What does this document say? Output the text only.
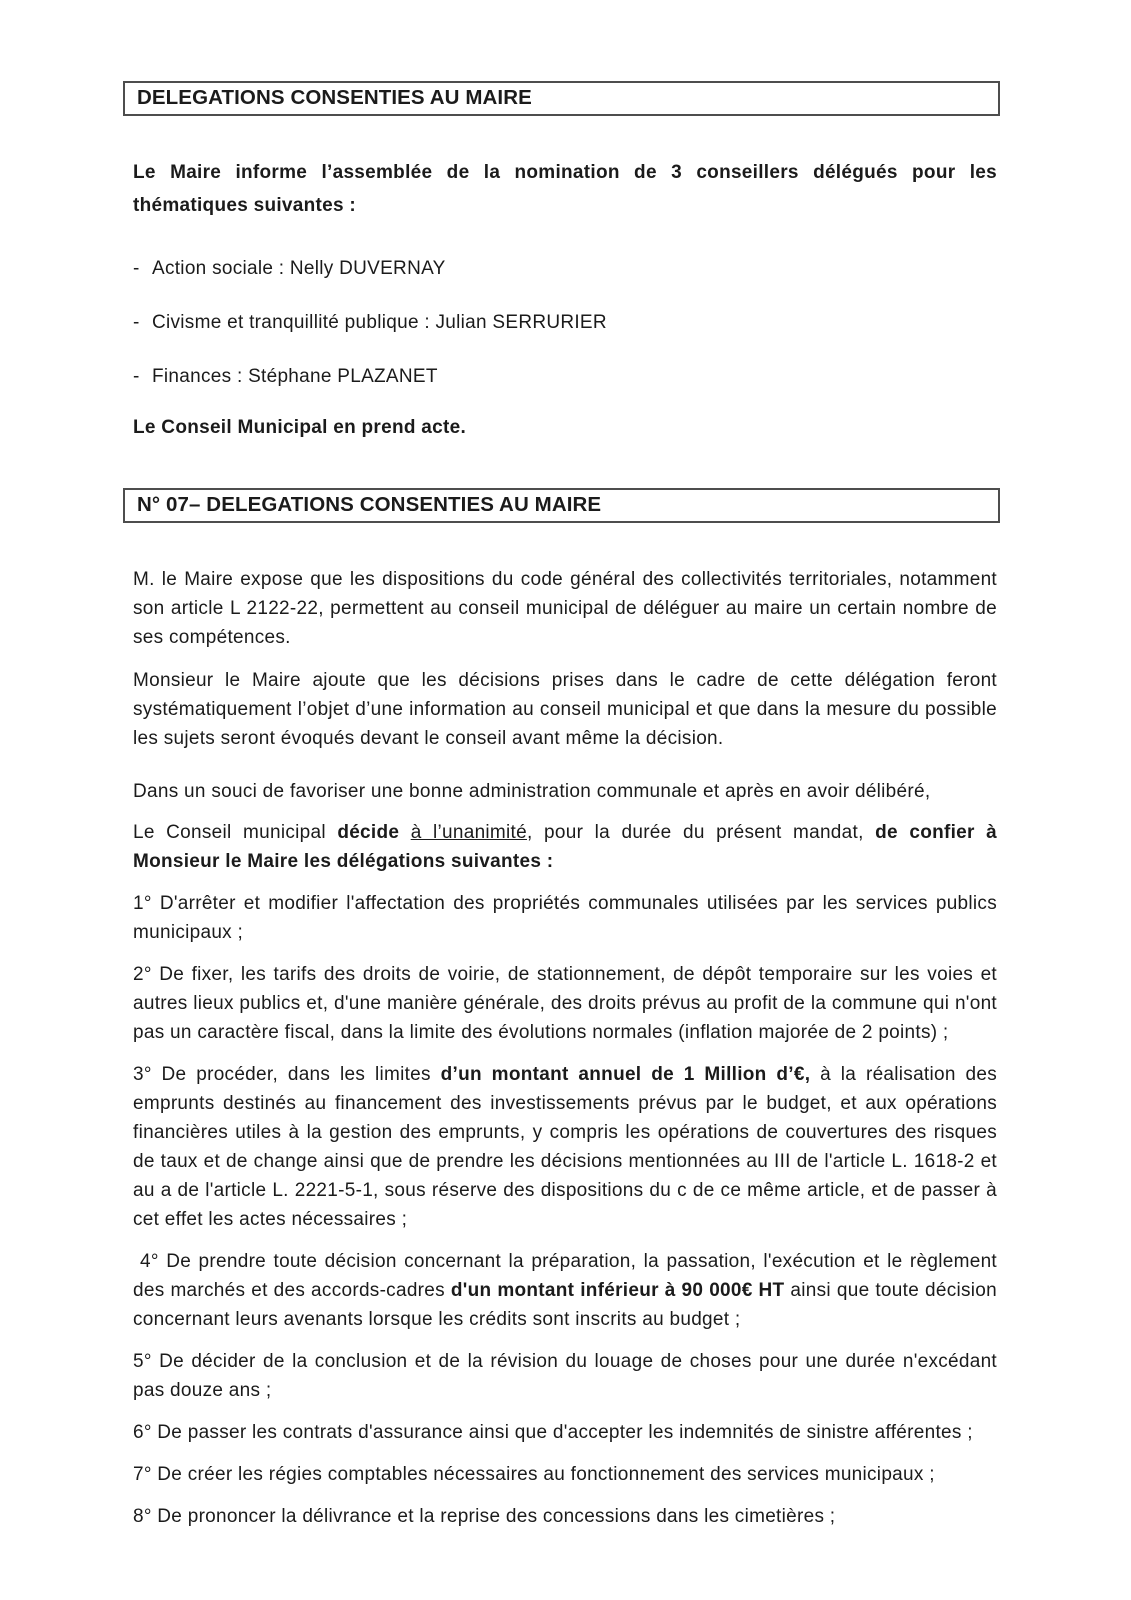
DELEGATIONS CONSENTIES AU MAIRE

Le Maire informe l’assemblée de la nomination de 3 conseillers délégués pour les thématiques suivantes :

- Action sociale : Nelly DUVERNAY
- Civisme et tranquillité publique : Julian SERRURIER
- Finances : Stéphane PLAZANET

Le Conseil Municipal en prend acte.

N° 07– DELEGATIONS CONSENTIES AU MAIRE

M. le Maire expose que les dispositions du code général des collectivités territoriales, notamment son article L 2122-22, permettent au conseil municipal de déléguer au maire un certain nombre de ses compétences.

Monsieur le Maire ajoute que les décisions prises dans le cadre de cette délégation feront systématiquement l’objet d’une information au conseil municipal et que dans la mesure du possible les sujets seront évoqués devant le conseil avant même la décision.

Dans un souci de favoriser une bonne administration communale et après en avoir délibéré,

Le Conseil municipal décide à l’unanimité, pour la durée du présent mandat, de confier à Monsieur le Maire les délégations suivantes :

1° D'arrêter et modifier l'affectation des propriétés communales utilisées par les services publics municipaux ;

2° De fixer, les tarifs des droits de voirie, de stationnement, de dépôt temporaire sur les voies et autres lieux publics et, d'une manière générale, des droits prévus au profit de la commune qui n'ont pas un caractère fiscal, dans la limite des évolutions normales (inflation majorée de 2 points) ;

3° De procéder, dans les limites d’un montant annuel de 1 Million d’€, à la réalisation des emprunts destinés au financement des investissements prévus par le budget, et aux opérations financières utiles à la gestion des emprunts, y compris les opérations de couvertures des risques de taux et de change ainsi que de prendre les décisions mentionnées au III de l'article L. 1618-2 et au a de l'article L. 2221-5-1, sous réserve des dispositions du c de ce même article, et de passer à cet effet les actes nécessaires ;

4° De prendre toute décision concernant la préparation, la passation, l'exécution et le règlement des marchés et des accords-cadres d'un montant inférieur à 90 000€ HT ainsi que toute décision concernant leurs avenants lorsque les crédits sont inscrits au budget ;

5° De décider de la conclusion et de la révision du louage de choses pour une durée n'excédant pas douze ans ;

6° De passer les contrats d'assurance ainsi que d'accepter les indemnités de sinistre afférentes ;

7° De créer les régies comptables nécessaires au fonctionnement des services municipaux ;

8° De prononcer la délivrance et la reprise des concessions dans les cimetières ;
